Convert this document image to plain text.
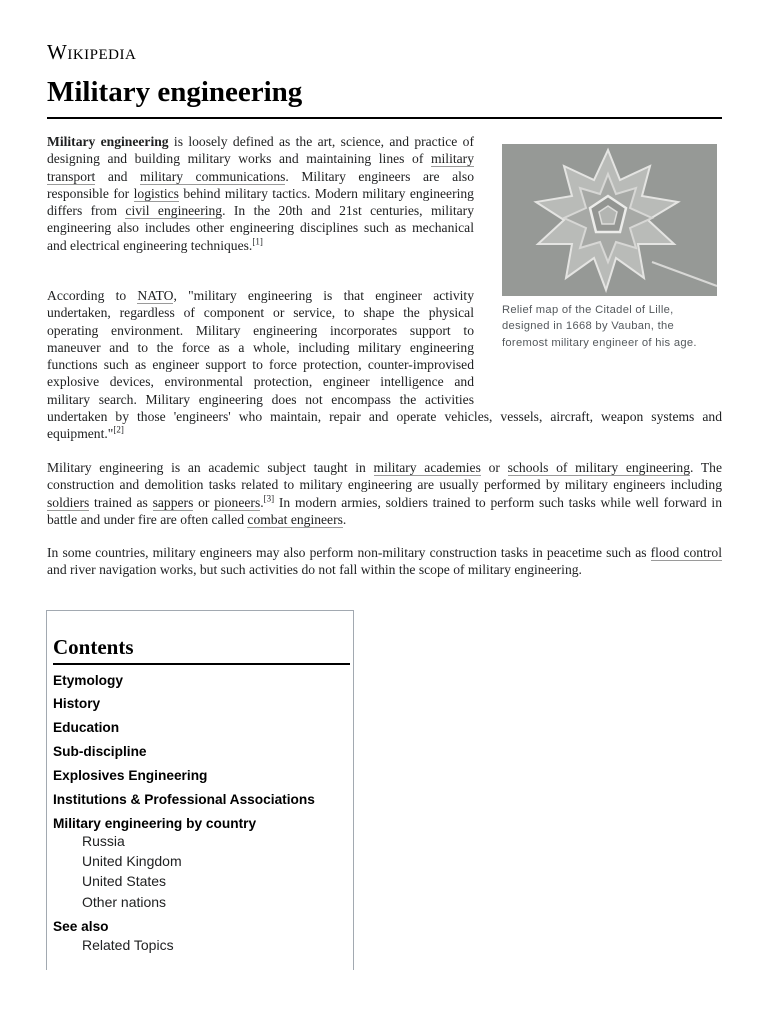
Wikipedia
Military engineering

Military engineering is loosely defined as the art, science, and practice of designing and building military works and maintaining lines of military transport and military communications. Military engineers are also responsible for logistics behind military tactics. Modern military engineering differs from civil engineering. In the 20th and 21st centuries, military engineering also includes other engineering disciplines such as mechanical and electrical engineering techniques.[1]

According to NATO, "military engineering is that engineer activity undertaken, regardless of component or service, to shape the physical operating environment. Military engineering incorporates support to maneuver and to the force as a whole, including military engineering functions such as engineer support to force protection, counter-improvised explosive devices, environmental protection, engineer intelligence and military search. Military engineering does not encompass the activities undertaken by those 'engineers' who maintain, repair and operate vehicles, vessels, aircraft, weapon systems and equipment."[2]

Military engineering is an academic subject taught in military academies or schools of military engineering. The construction and demolition tasks related to military engineering are usually performed by military engineers including soldiers trained as sappers or pioneers.[3] In modern armies, soldiers trained to perform such tasks while well forward in battle and under fire are often called combat engineers.

In some countries, military engineers may also perform non-military construction tasks in peacetime such as flood control and river navigation works, but such activities do not fall within the scope of military engineering.

Relief map of the Citadel of Lille, designed in 1668 by Vauban, the foremost military engineer of his age.
Contents
Etymology
History
Education
Sub-discipline
Explosives Engineering
Institutions & Professional Associations
Military engineering by country
Russia
United Kingdom
United States
Other nations
See also
Related Topics
